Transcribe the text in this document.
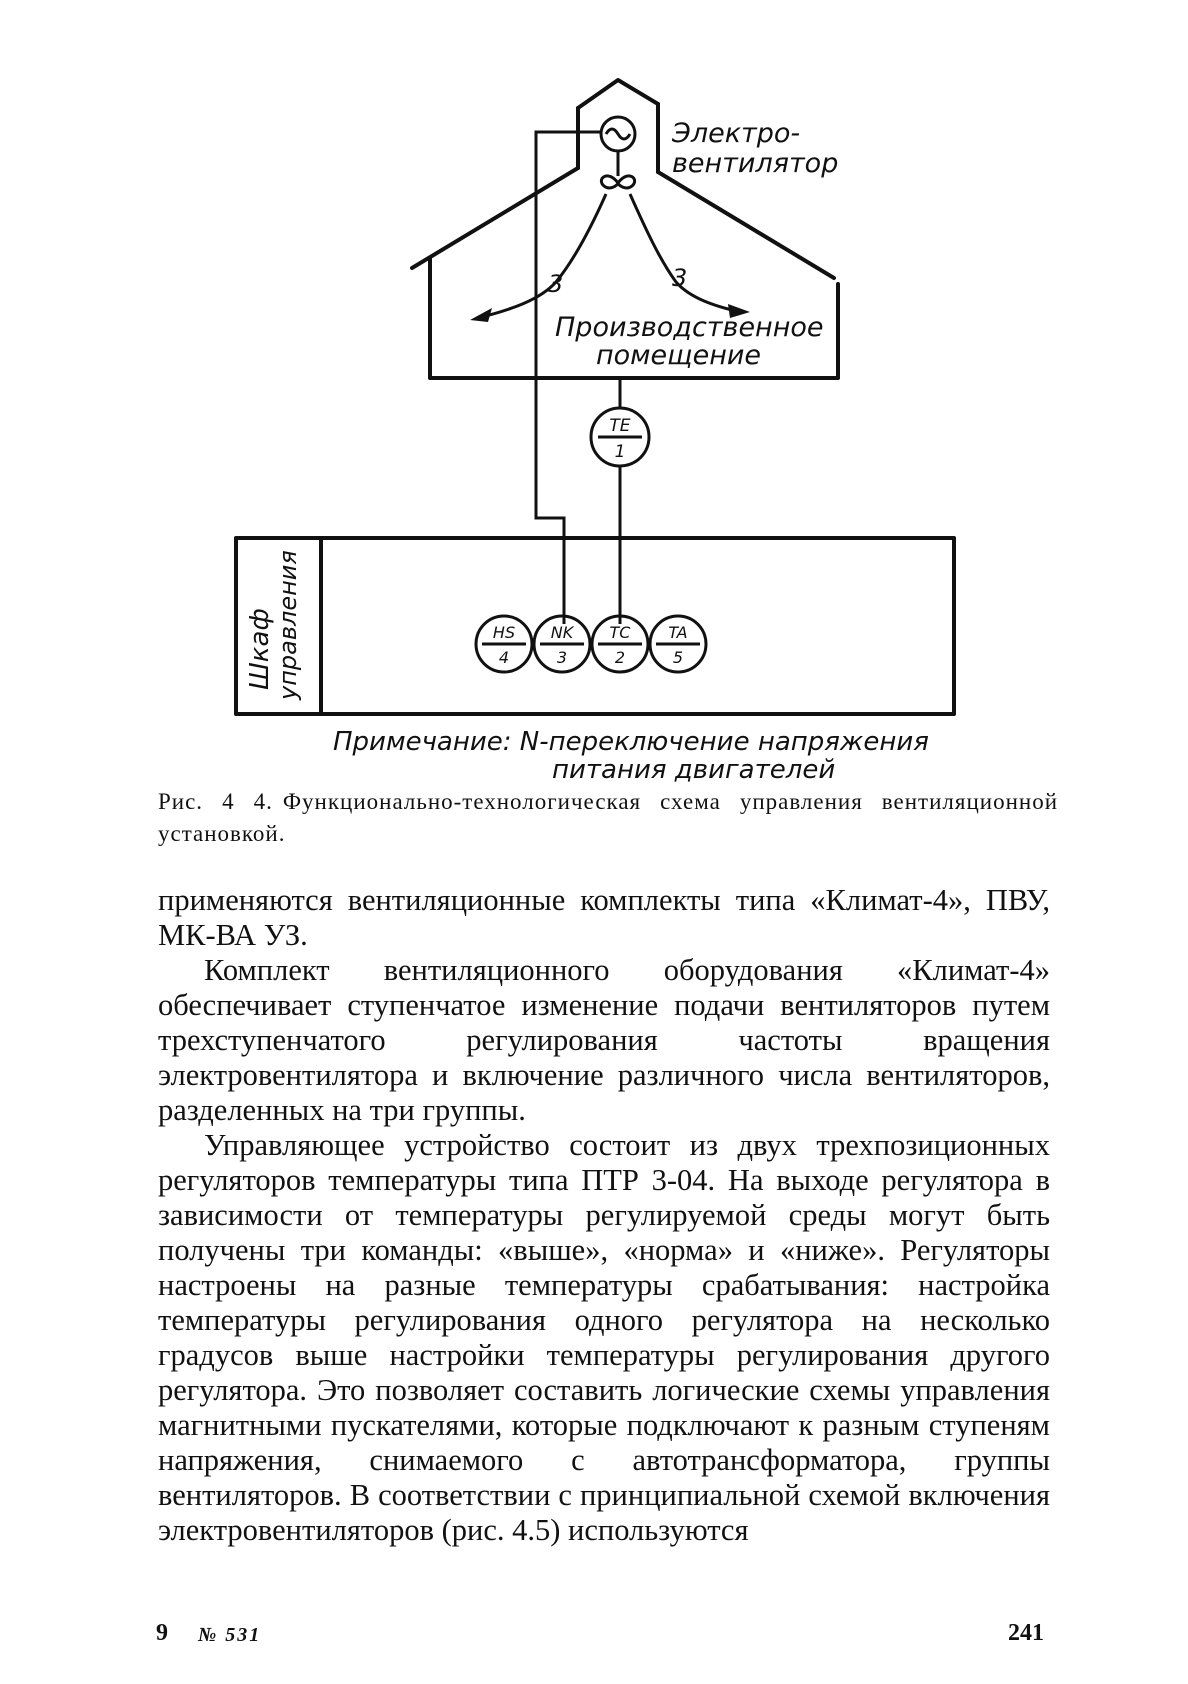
Электро-
вентилятор
3	3
Производственное
помещение
TE
1
HS
4
NK
3
TC
2
TA
5
Шкаф управления
Примечание: N-переключение напряжения
питания двигателей
Рис. 4 4. Функционально-технологическая схема управления вентиляционной установкой.

применяются вентиляционные комплекты типа «Климат-4», ПВУ, МК-ВА УЗ.

Комплект вентиляционного оборудования «Климат-4» обеспечивает ступенчатое изменение подачи вентиляторов путем трехступенчатого регулирования частоты вращения электровентилятора и включение различного числа вентиляторов, разделенных на три группы.

Управляющее устройство состоит из двух трехпозиционных регуляторов температуры типа ПТР 3-04. На выходе регулятора в зависимости от температуры регулируемой среды могут быть получены три команды: «выше», «норма» и «ниже». Регуляторы настроены на разные температуры срабатывания: настройка температуры регулирования одного регулятора на несколько градусов выше настройки температуры регулирования другого регулятора. Это позволяет составить логические схемы управления магнитными пускателями, которые подключают к разным ступеням напряжения, снимаемого с автотрансформатора, группы вентиляторов. В соответствии с принципиальной схемой включения электровентиляторов (рис. 4.5) используются

9 № 531	241
